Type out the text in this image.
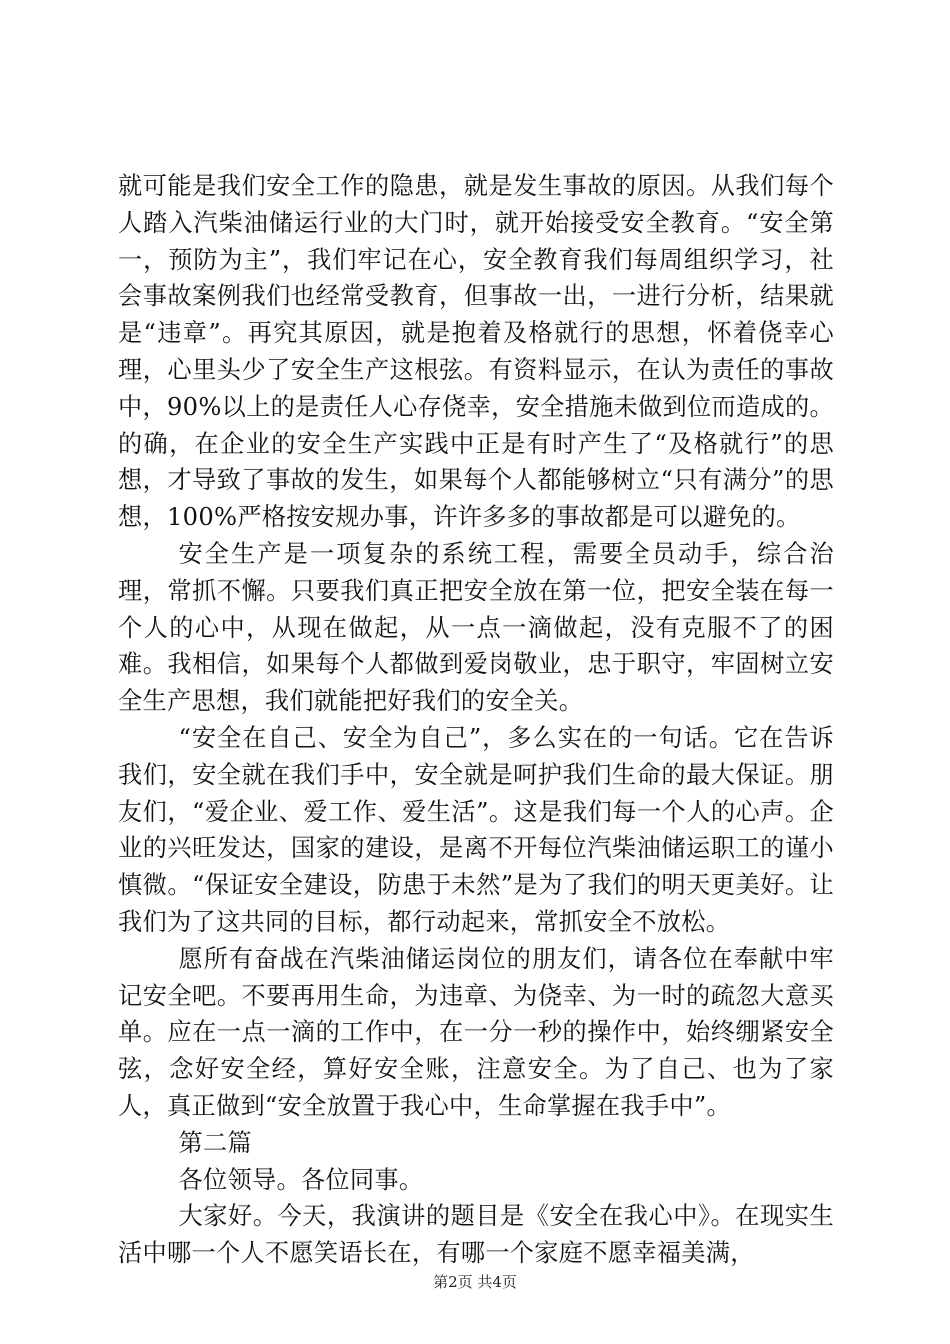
就可能是我们安全工作的隐患，就是发生事故的原因。从我们每个人踏入汽柴油储运行业的大门时，就开始接受安全教育。“安全第一，预防为主”，我们牢记在心，安全教育我们每周组织学习，社会事故案例我们也经常受教育，但事故一出，一进行分析，结果就是“违章”。再究其原因，就是抱着及格就行的思想，怀着侥幸心理，心里头少了安全生产这根弦。有资料显示，在认为责任的事故中，90%以上的是责任人心存侥幸，安全措施未做到位而造成的。的确，在企业的安全生产实践中正是有时产生了“及格就行”的思想，才导致了事故的发生，如果每个人都能够树立“只有满分”的思想，100%严格按安规办事，许许多多的事故都是可以避免的。

安全生产是一项复杂的系统工程，需要全员动手，综合治理，常抓不懈。只要我们真正把安全放在第一位，把安全装在每一个人的心中，从现在做起，从一点一滴做起，没有克服不了的困难。我相信，如果每个人都做到爱岗敬业，忠于职守，牢固树立安全生产思想，我们就能把好我们的安全关。

“安全在自己、安全为自己”，多么实在的一句话。它在告诉我们，安全就在我们手中，安全就是呵护我们生命的最大保证。朋友们，“爱企业、爱工作、爱生活”。这是我们每一个人的心声。企业的兴旺发达，国家的建设，是离不开每位汽柴油储运职工的谨小慎微。“保证安全建设，防患于未然”是为了我们的明天更美好。让我们为了这共同的目标，都行动起来，常抓安全不放松。

愿所有奋战在汽柴油储运岗位的朋友们，请各位在奉献中牢记安全吧。不要再用生命，为违章、为侥幸、为一时的疏忽大意买单。应在一点一滴的工作中，在一分一秒的操作中，始终绷紧安全弦，念好安全经，算好安全账，注意安全。为了自己、也为了家人，真正做到“安全放置于我心中，生命掌握在我手中”。

第二篇

各位领导。各位同事。

大家好。今天，我演讲的题目是《安全在我心中》。在现实生活中哪一个人不愿笑语长在，有哪一个家庭不愿幸福美满，

第2页 共4页
